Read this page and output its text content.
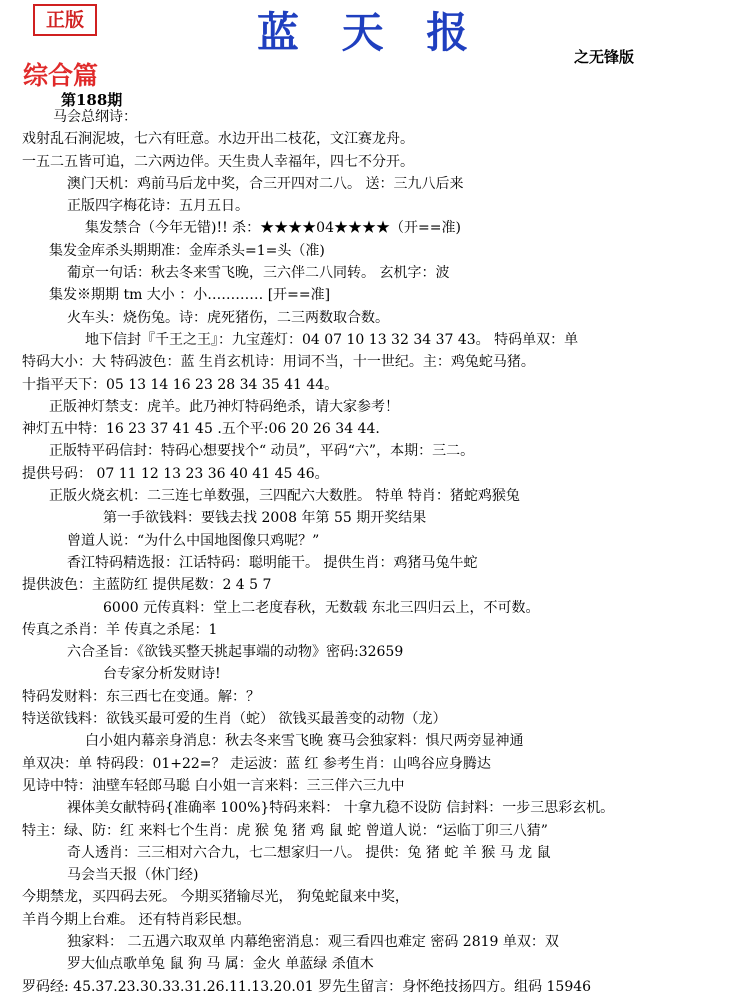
正版	蓝 天 报	之无锋版
综合篇
第188期
马会总纲诗：
戏射乱石涧泥坡，七六有旺意。水边开出二枝花，文江赛龙舟。
一五二五皆可追，二六两边伴。天生贵人幸福年，四七不分开。
澳门天机：鸡前马后龙中奖，合三开四对二八。 送：三九八后来
正版四字梅花诗：五月五日。
集发禁合（今年无错)!! 杀：★★★★04★★★★（开==准)
集发金库杀头期期准：金库杀头=1=头（准)
葡京一句话：秋去冬来雪飞晚，三六伴二八同转。 玄机字：波
集发※期期 tm 大小 ：小………… [开==准]
火车头：烧伤兔。诗：虎死猪伤，二三两数取合数。
地下信封『千王之王』：九宝莲灯：04 07 10 13 32 34 37 43。 特码单双：单
特码大小：大 特码波色：蓝 生肖玄机诗：用词不当，十一世纪。主：鸡兔蛇马猪。
十指平天下：05 13 14 16 23 28 34 35 41 44。
正版神灯禁支：虎羊。此乃神灯特码绝杀，请大家参考！
神灯五中特：16 23 37 41 45 .五个平:06 20 26 34 44.
正版特平码信封：特码心想要找个“ 动员”，平码“六”，本期：三二。
提供号码： 07 11 12 13 23 36 40 41 45 46。
正版火烧玄机：二三连七单数强，三四配六大数胜。 特单 特肖：猪蛇鸡猴兔
第一手欲钱料：要钱去找 2008 年第 55 期开奖结果
曾道人说：“为什么中国地图像只鸡呢？”
香江特码精选报：江话特码：聪明能干。 提供生肖：鸡猪马兔牛蛇
提供波色：主蓝防红 提供尾数：2 4 5 7
6000 元传真料：堂上二老度春秋，无数载 东北三四归云上，不可数。
传真之杀肖：羊 传真之杀尾：1
六合圣旨：《欲钱买整天挑起事端的动物》密码:32659
台专家分析发财诗!
特码发财料：东三西七在变通。解：？
特送欲钱料：欲钱买最可爱的生肖（蛇） 欲钱买最善变的动物（龙）
白小姐内幕亲身消息：秋去冬来雪飞晚 赛马会独家料：惧尺两旁显神通
单双决：单 特码段：01+22=？ 走运波：蓝 红 参考生肖：山鸣谷应身腾达
见诗中特：油壁车轻郎马聪 白小姐一言来料：三三伴六三九中
裸体美女献特码{准确率 100%}特码来料： 十拿九稳不设防 信封料：一步三思彩玄机。
特主：绿、防：红 来料七个生肖：虎 猴 兔 猪 鸡 鼠 蛇 曾道人说：“运临丁卯三八猜”
奇人透肖：三三相对六合九，七二想家归一八。 提供：兔 猪 蛇 羊 猴 马 龙 鼠
马会当天报（休门经)
今期禁龙，买四码去死。 今期买猪输尽光， 狗兔蛇鼠来中奖，
羊肖今期上台难。 还有特肖彩民想。
独家料： 二五遇六取双单 内幕绝密消息：观三看四也难定 密码 2819 单双：双
罗大仙点歌单兔 鼠 狗 马 属：金火 单蓝绿 杀值木
罗码经: 45.37.23.30.33.31.26.11.13.20.01 罗先生留言：身怀绝技扬四方。组码 15946
